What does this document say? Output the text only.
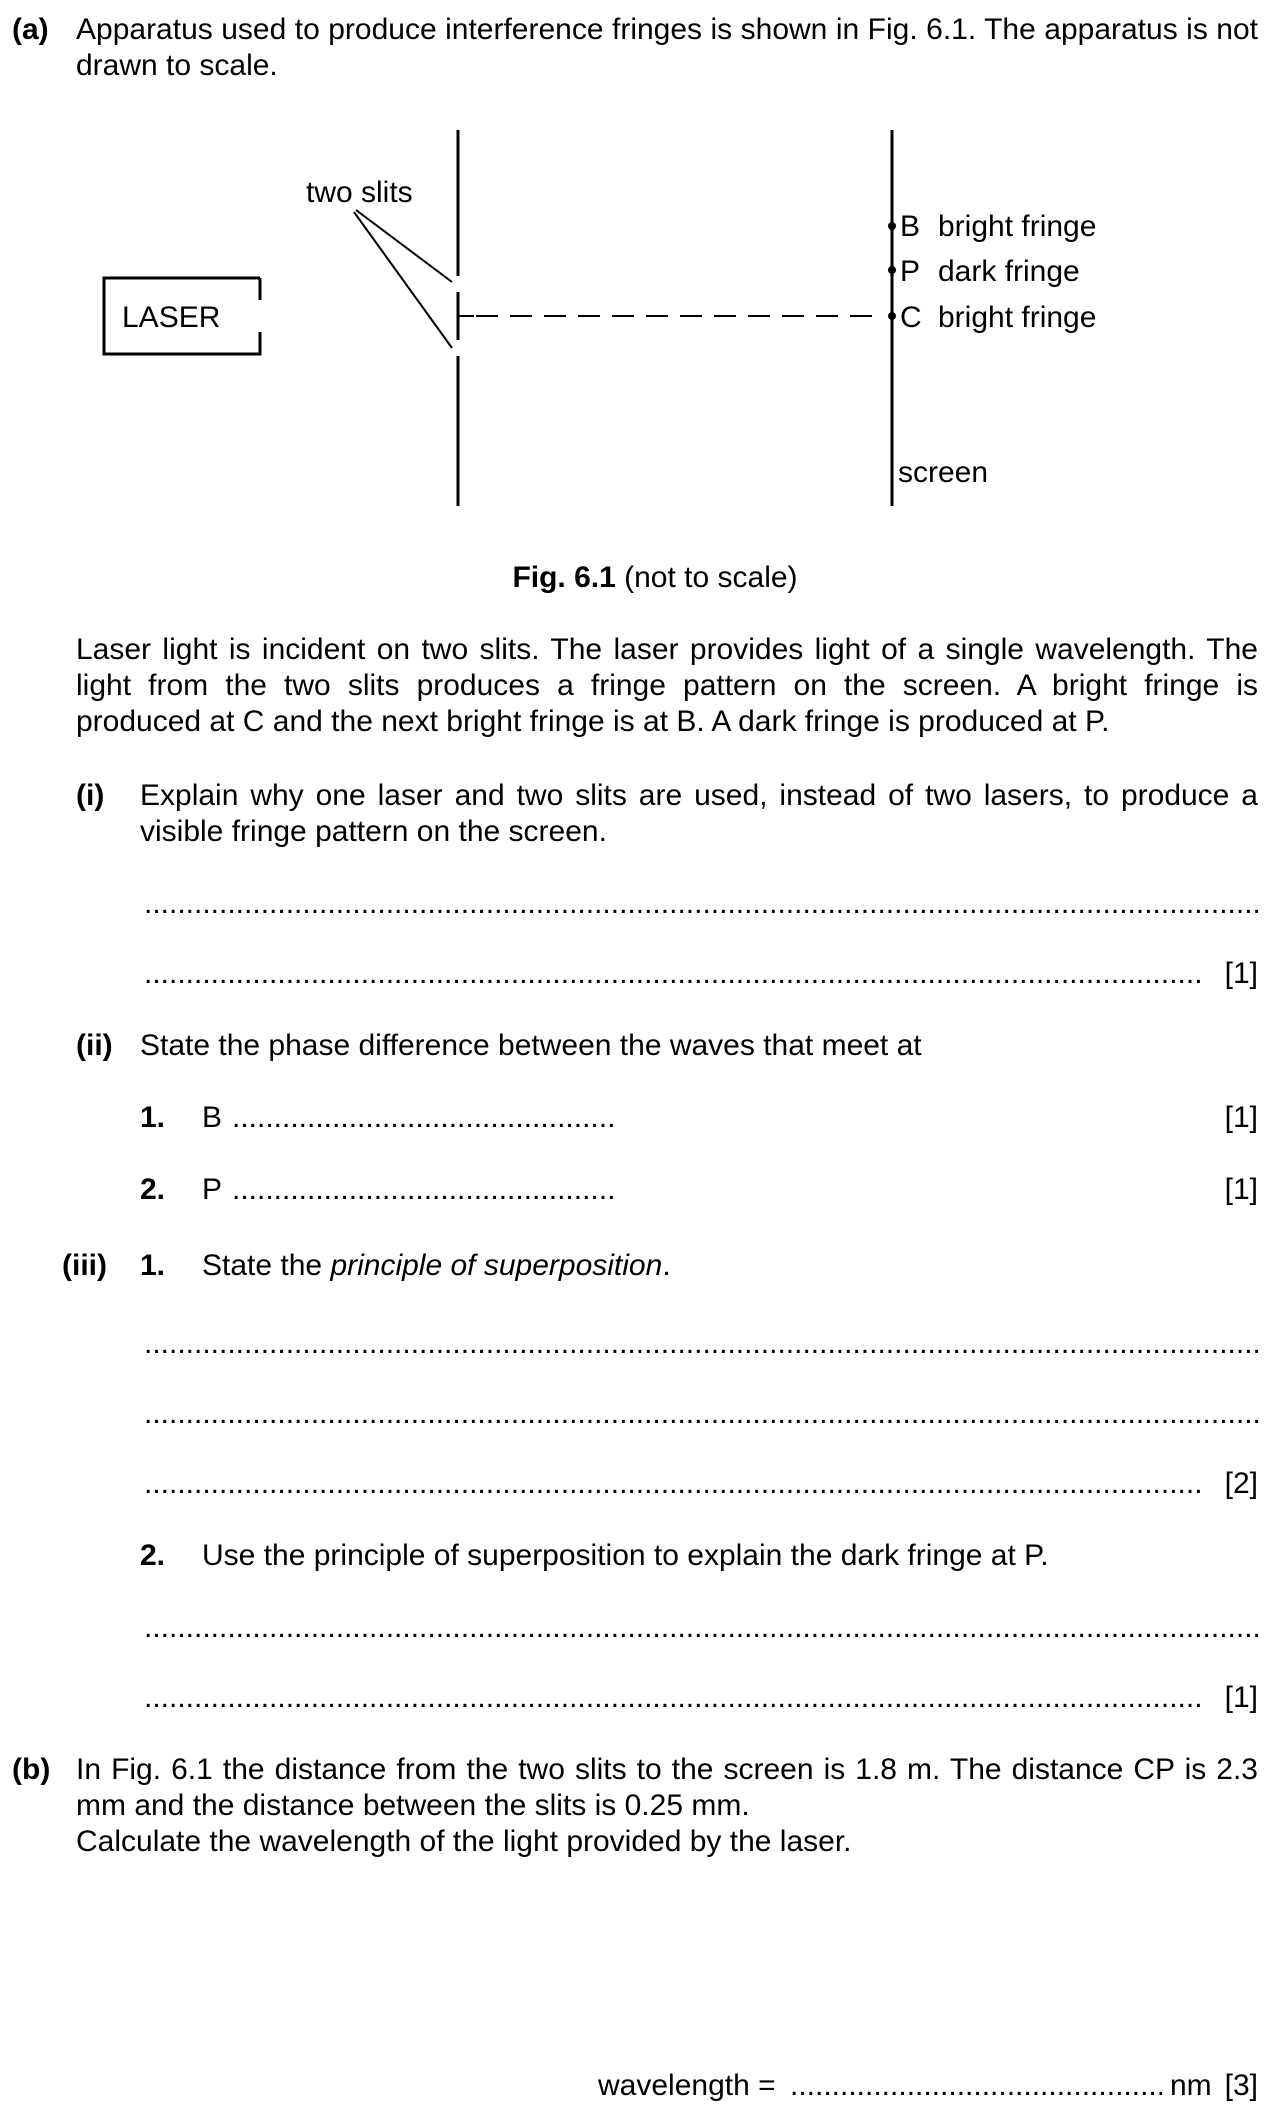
(a) Apparatus used to produce interference fringes is shown in Fig. 6.1. The apparatus is not drawn to scale.
LASER
two slits
B bright fringe
P dark fringe
C bright fringe
screen
Fig. 6.1 (not to scale)
Laser light is incident on two slits. The laser provides light of a single wavelength. The light from the two slits produces a fringe pattern on the screen. A bright fringe is produced at C and the next bright fringe is at B. A dark fringe is produced at P.
(i) Explain why one laser and two slits are used, instead of two lasers, to produce a visible fringe pattern on the screen.
.....
.....
[1]
(ii) State the phase difference between the waves that meet at
1. B .....	[1]
2. P .....	[1]
(iii) 1. State the principle of superposition.
.....
.....
.....
[2]
2. Use the principle of superposition to explain the dark fringe at P.
.....
.....
[1]
(b) In Fig. 6.1 the distance from the two slits to the screen is 1.8 m. The distance CP is 2.3 mm and the distance between the slits is 0.25 mm.
Calculate the wavelength of the light provided by the laser.
wavelength = .....	nm [3]
